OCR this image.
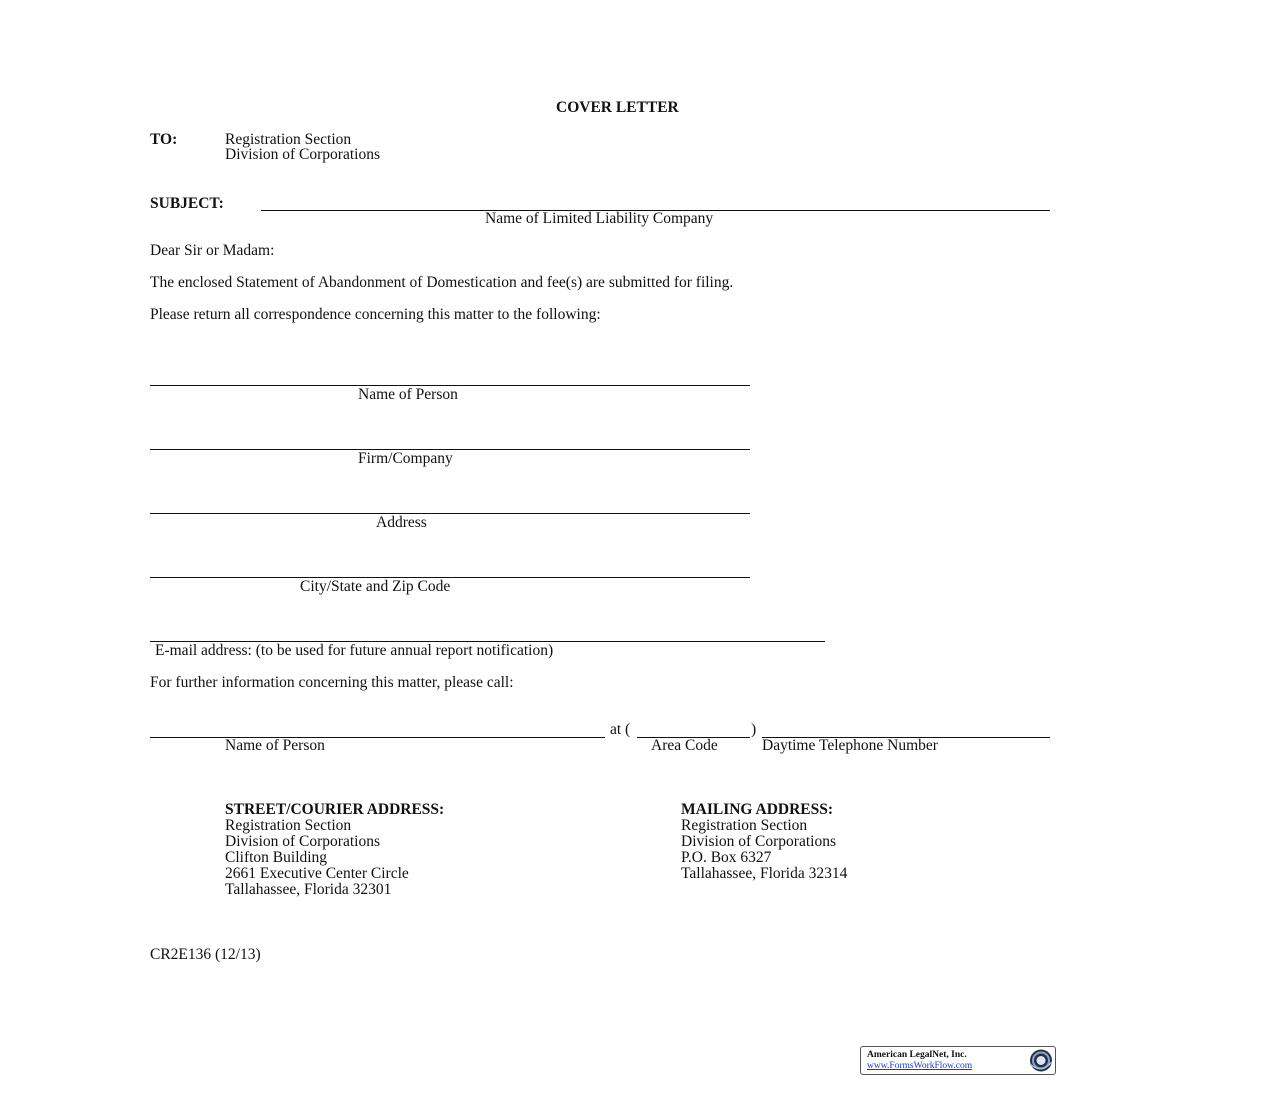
COVER LETTER
TO:	Registration Section
Division of Corporations
SUBJECT:
Name of Limited Liability Company
Dear Sir or Madam:
The enclosed Statement of Abandonment of Domestication and fee(s) are submitted for filing.
Please return all correspondence concerning this matter to the following:
Name of Person
Firm/Company
Address
City/State and Zip Code
E-mail address: (to be used for future annual report notification)
For further information concerning this matter, please call:
at (	)
Name of Person	Area Code	Daytime Telephone Number
STREET/COURIER ADDRESS:
Registration Section
Division of Corporations
Clifton Building
2661 Executive Center Circle
Tallahassee, Florida 32301
MAILING ADDRESS:
Registration Section
Division of Corporations
P.O. Box 6327
Tallahassee, Florida 32314
CR2E136 (12/13)
American LegalNet, Inc.
www.FormsWorkFlow.com
